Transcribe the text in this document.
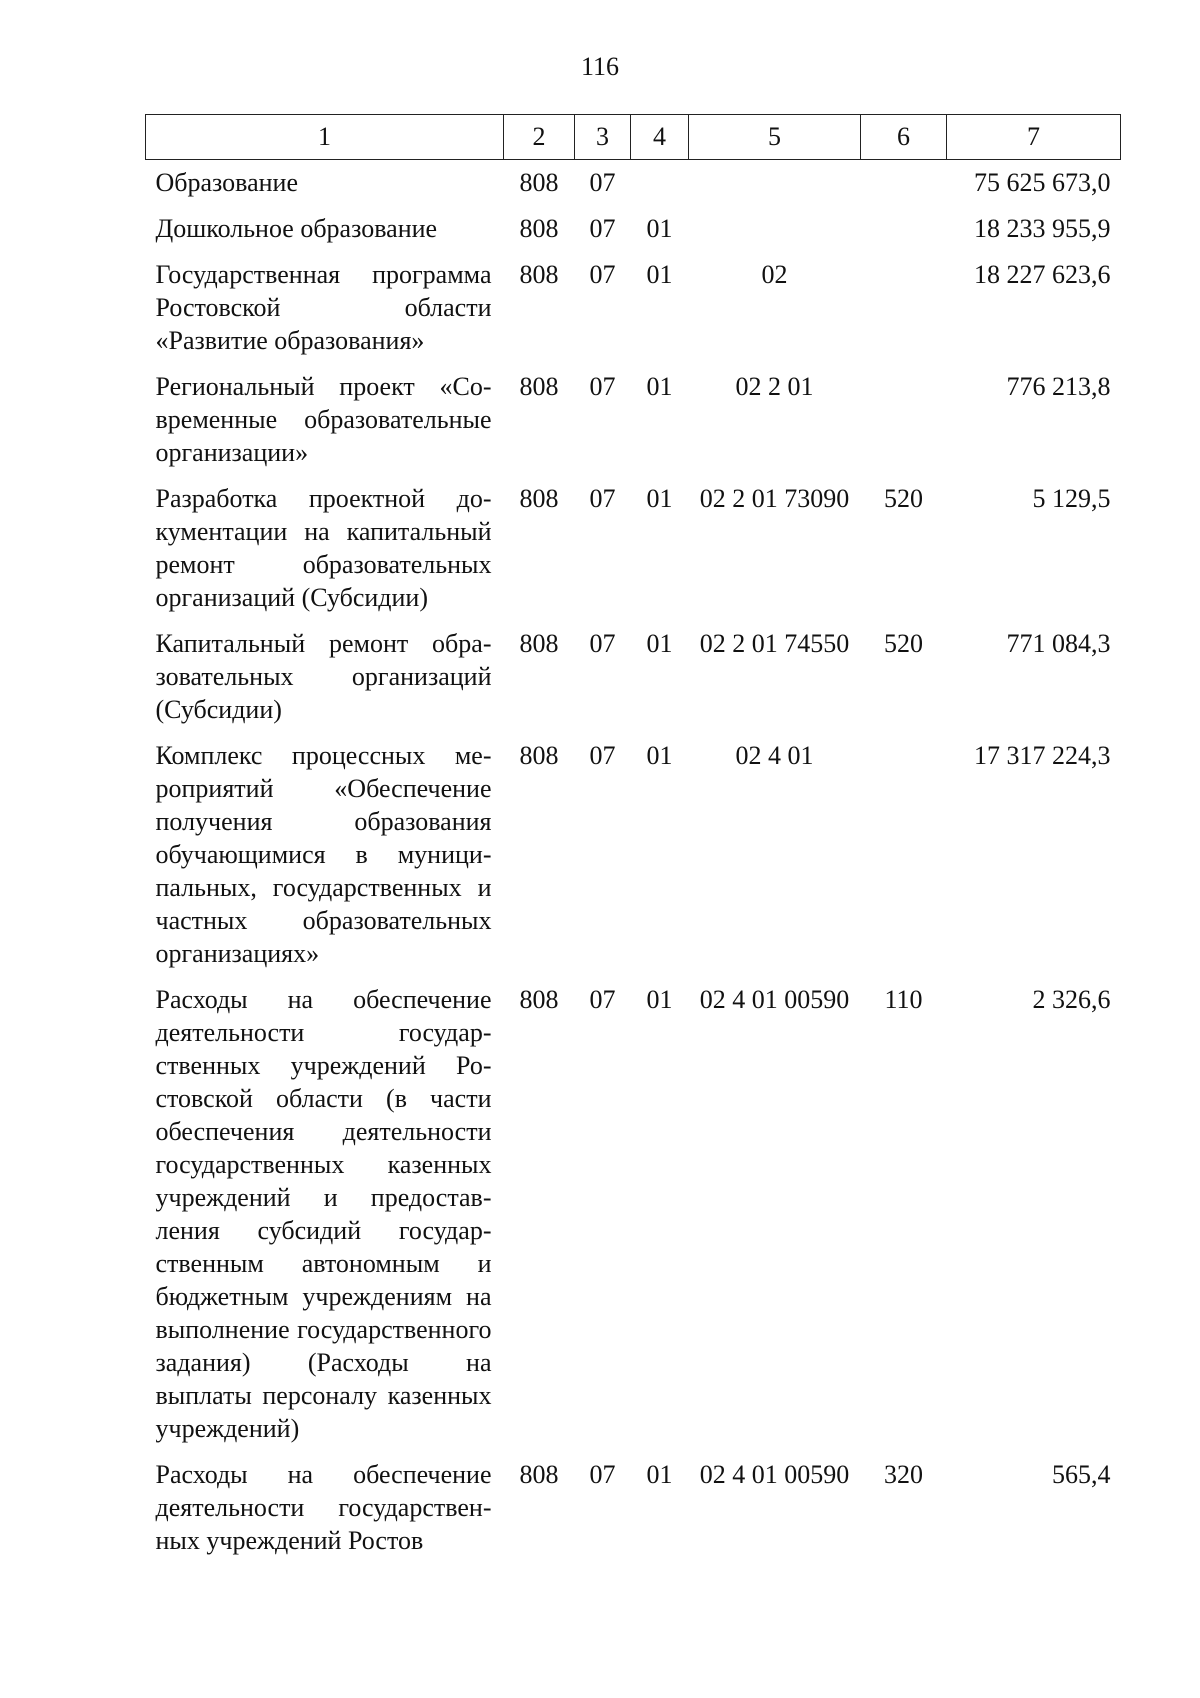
116
1	2	3	4	5	6	7
Образование	808	07				75 625 673,0
Дошкольное образование	808	07	01			18 233 955,9
Государственная программа Ростовской области «Развитие образования»	808	07	01	02		18 227 623,6
Региональный проект «Современные образовательные организации»	808	07	01	02 2 01		776 213,8
Разработка проектной документации на капитальный ремонт образовательных организаций (Субсидии)	808	07	01	02 2 01 73090	520	5 129,5
Капитальный ремонт образовательных организаций (Субсидии)	808	07	01	02 2 01 74550	520	771 084,3
Комплекс процессных мероприятий «Обеспечение получения образования обучающимися в муниципальных, государственных и частных образовательных организациях»	808	07	01	02 4 01		17 317 224,3
Расходы на обеспечение деятельности государственных учреждений Ростовской области (в части обеспечения деятельности государственных казенных учреждений и предоставления субсидий государственным автономным и бюджетным учреждениям на выполнение государственного задания) (Расходы на выплаты персоналу казенных учреждений)	808	07	01	02 4 01 00590	110	2 326,6
Расходы на обеспечение деятельности государственных учреждений Ростов	808	07	01	02 4 01 00590	320	565,4
